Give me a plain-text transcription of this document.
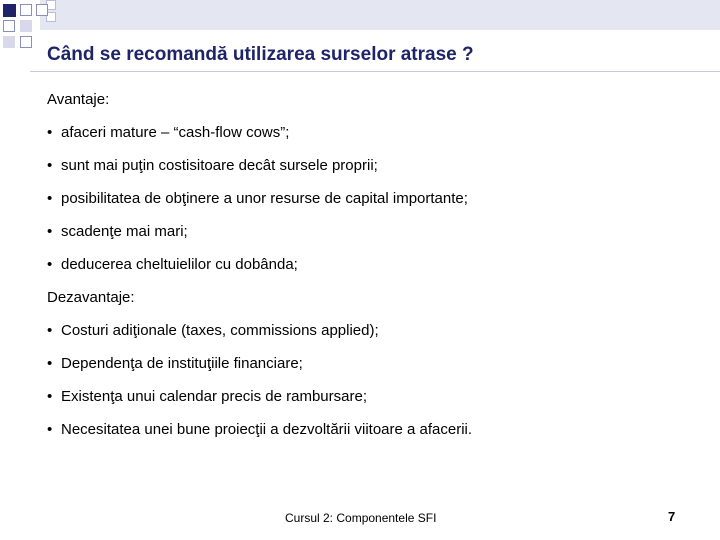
Când se recomandă utilizarea surselor atrase ?
Avantaje:
• afaceri mature – “cash-flow cows”;
• sunt mai puţin costisitoare decât sursele proprii;
• posibilitatea de obţinere a unor resurse de capital importante;
• scadenţe mai mari;
• deducerea cheltuielilor cu dobânda;
Dezavantaje:
• Costuri adiţionale (taxes, commissions applied);
• Dependenţa de instituţiile financiare;
• Existenţa unui calendar precis de rambursare;
• Necesitatea unei bune proiecţii a dezvoltării viitoare a afacerii.
Cursul 2: Componentele SFI	7
